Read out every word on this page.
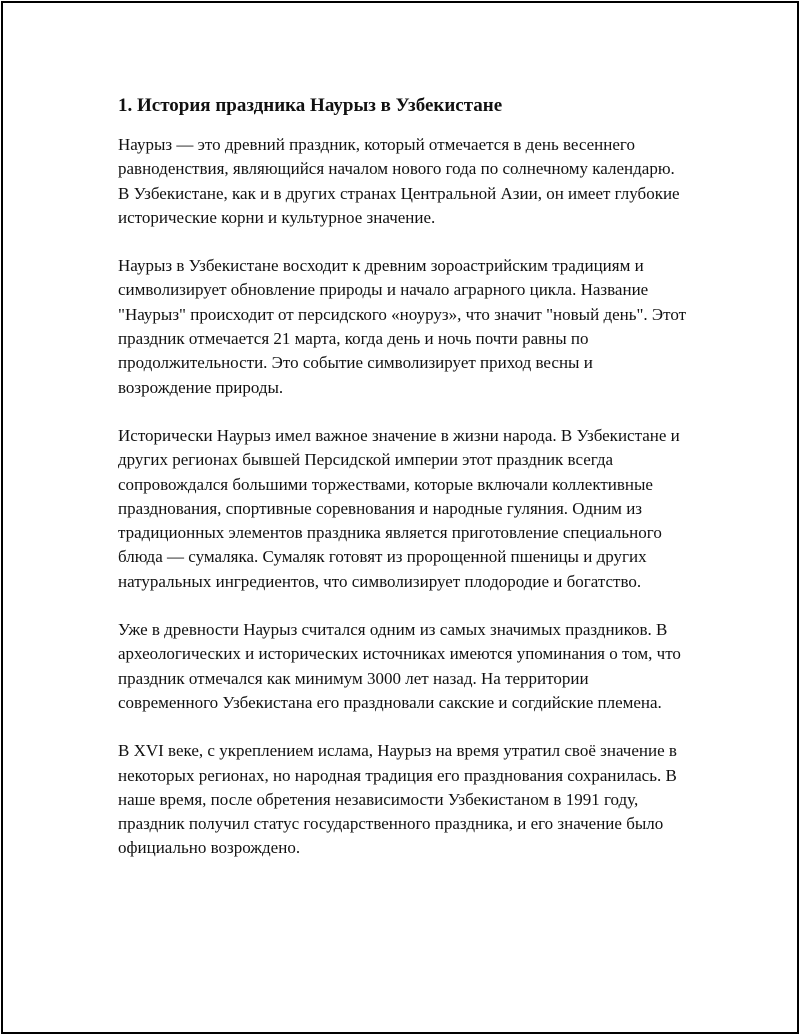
1. История праздника Наурыз в Узбекистане

Наурыз — это древний праздник, который отмечается в день весеннего равноденствия, являющийся началом нового года по солнечному календарю. В Узбекистане, как и в других странах Центральной Азии, он имеет глубокие исторические корни и культурное значение.

Наурыз в Узбекистане восходит к древним зороастрийским традициям и символизирует обновление природы и начало аграрного цикла. Название "Наурыз" происходит от персидского «ноуруз», что значит "новый день". Этот праздник отмечается 21 марта, когда день и ночь почти равны по продолжительности. Это событие символизирует приход весны и возрождение природы.

Исторически Наурыз имел важное значение в жизни народа. В Узбекистане и других регионах бывшей Персидской империи этот праздник всегда сопровождался большими торжествами, которые включали коллективные празднования, спортивные соревнования и народные гуляния. Одним из традиционных элементов праздника является приготовление специального блюда — сумаляка. Сумаляк готовят из пророщенной пшеницы и других натуральных ингредиентов, что символизирует плодородие и богатство.

Уже в древности Наурыз считался одним из самых значимых праздников. В археологических и исторических источниках имеются упоминания о том, что праздник отмечался как минимум 3000 лет назад. На территории современного Узбекистана его праздновали сакские и согдийские племена.

В XVI веке, с укреплением ислама, Наурыз на время утратил своё значение в некоторых регионах, но народная традиция его празднования сохранилась. В наше время, после обретения независимости Узбекистаном в 1991 году, праздник получил статус государственного праздника, и его значение было официально возрождено.
